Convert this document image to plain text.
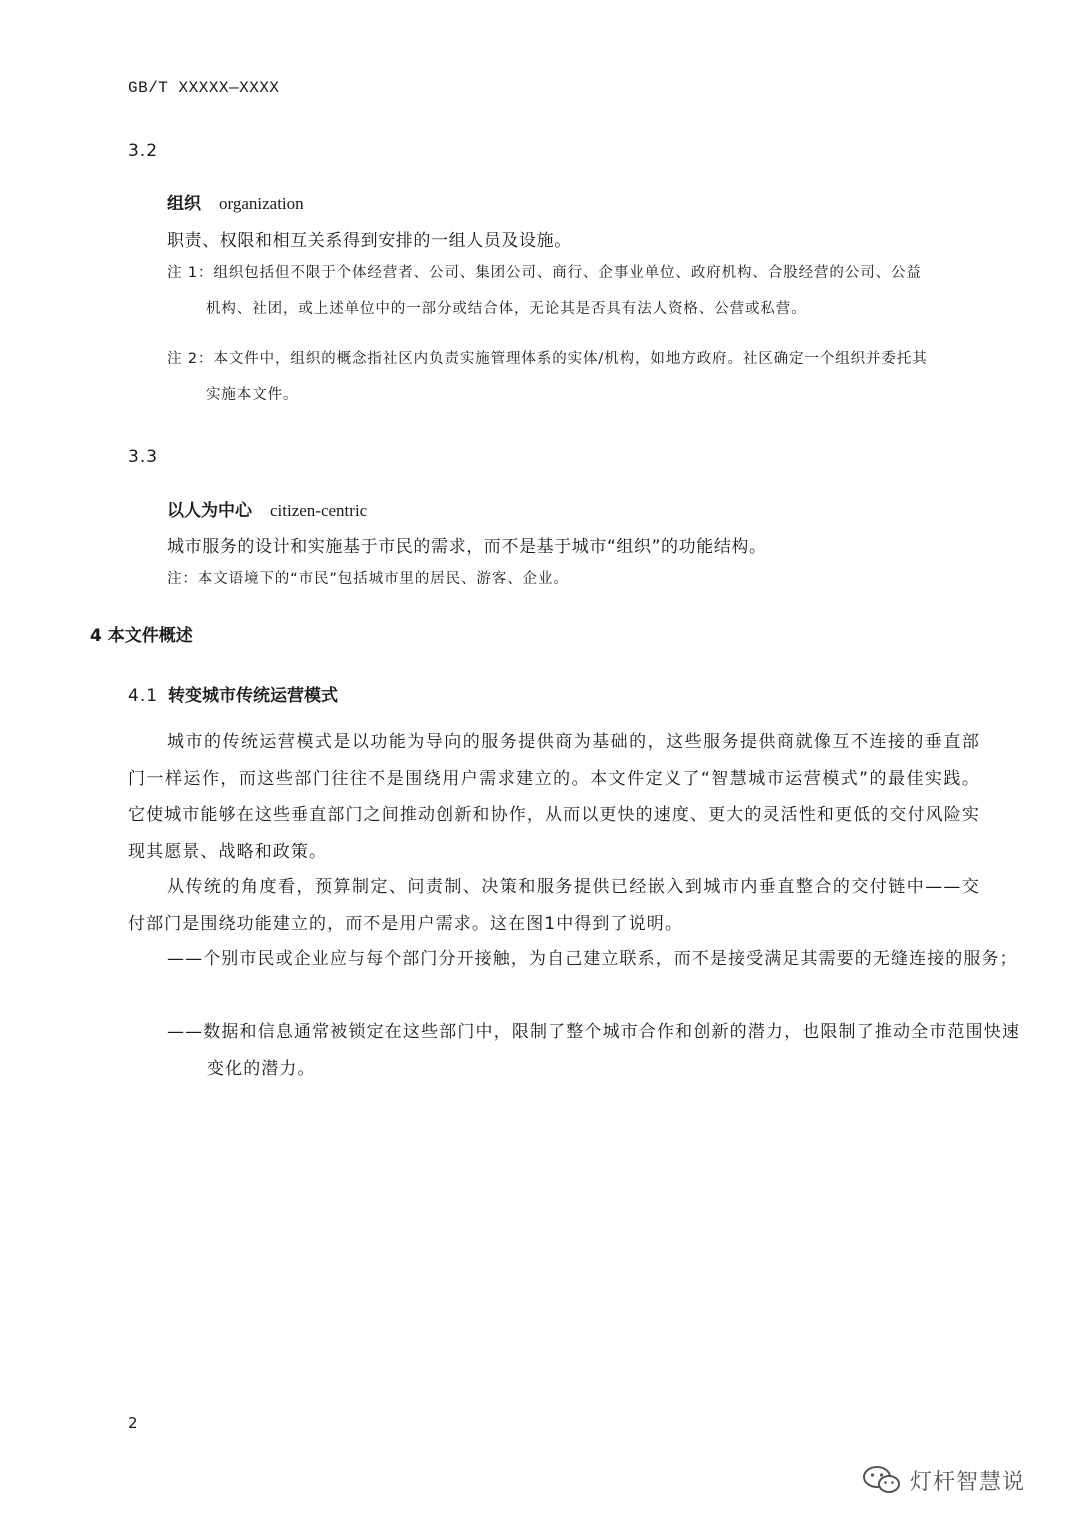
GB/T XXXXX—XXXX
3.2
组织 organization
职责、权限和相互关系得到安排的一组人员及设施。
注 1：组织包括但不限于个体经营者、公司、集团公司、商行、企事业单位、政府机构、合股经营的公司、公益
机构、社团，或上述单位中的一部分或结合体，无论其是否具有法人资格、公营或私营。
注 2：本文件中，组织的概念指社区内负责实施管理体系的实体/机构，如地方政府。社区确定一个组织并委托其
实施本文件。
3.3
以人为中心 citizen-centric
城市服务的设计和实施基于市民的需求，而不是基于城市“组织”的功能结构。
注：本文语境下的“市民”包括城市里的居民、游客、企业。
4 本文件概述
4.1 转变城市传统运营模式
城市的传统运营模式是以功能为导向的服务提供商为基础的，这些服务提供商就像互不连接的垂直部门一样运作，而这些部门往往不是围绕用户需求建立的。本文件定义了“智慧城市运营模式”的最佳实践。它使城市能够在这些垂直部门之间推动创新和协作，从而以更快的速度、更大的灵活性和更低的交付风险实现其愿景、战略和政策。
从传统的角度看，预算制定、问责制、决策和服务提供已经嵌入到城市内垂直整合的交付链中——交付部门是围绕功能建立的，而不是用户需求。这在图1中得到了说明。
——个别市民或企业应与每个部门分开接触，为自己建立联系，而不是接受满足其需要的无缝连接的服务；
——数据和信息通常被锁定在这些部门中，限制了整个城市合作和创新的潜力，也限制了推动全市范围快速变化的潜力。
2
灯杆智慧说
